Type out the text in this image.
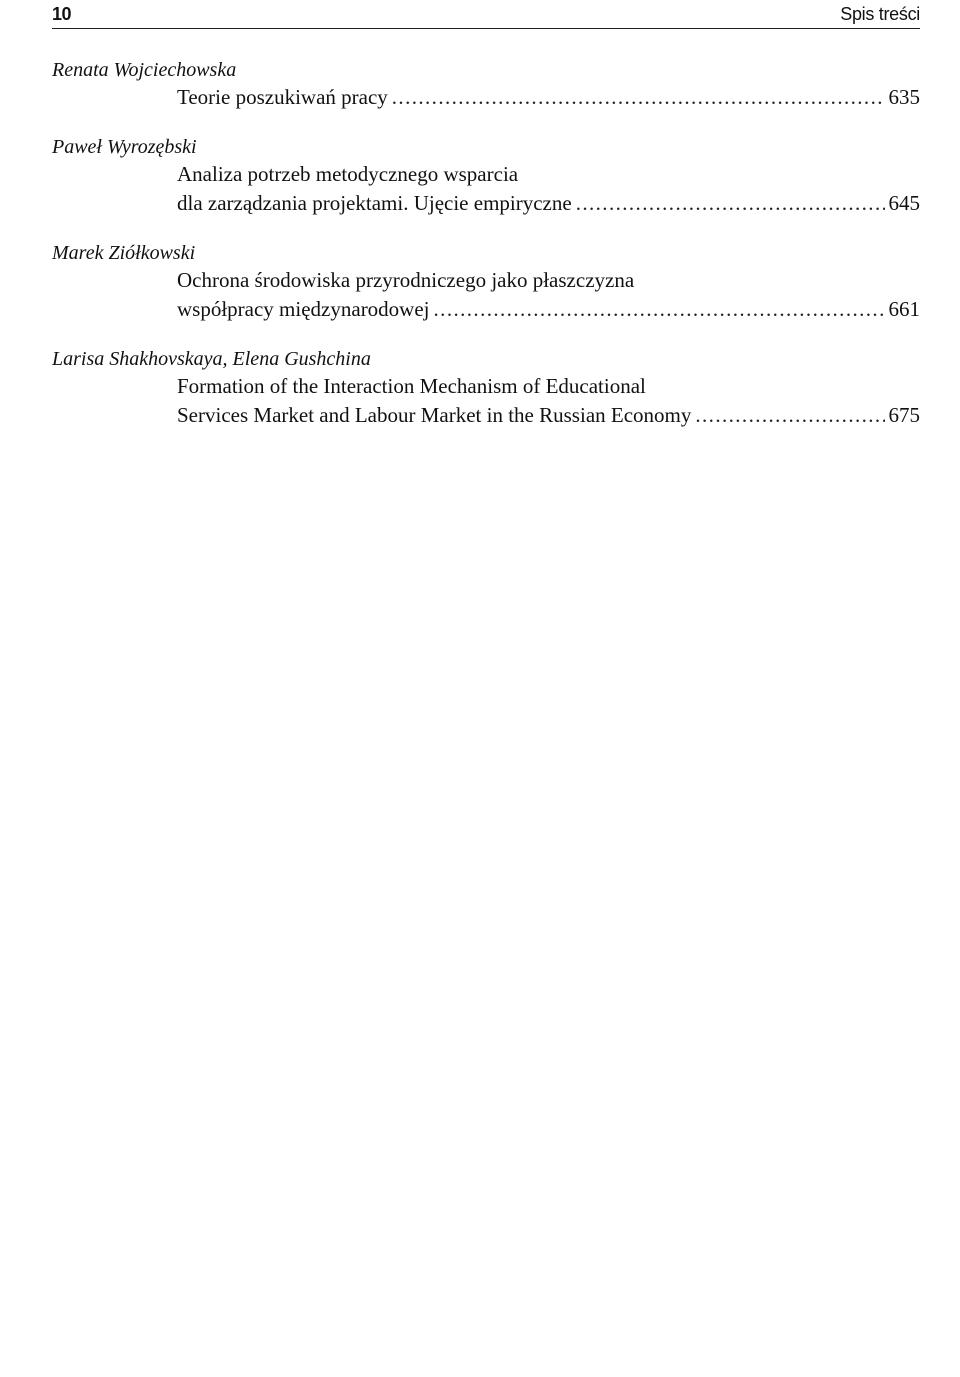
10	Spis treści
Renata Wojciechowska
Teorie poszukiwań pracy .....	635
Paweł Wyrozębski
Analiza potrzeb metodycznego wsparcia
dla zarządzania projektami. Ujęcie empiryczne .....	645
Marek Ziółkowski
Ochrona środowiska przyrodniczego jako płaszczyzna
współpracy międzynarodowej .....	661
Larisa Shakhovskaya, Elena Gushchina
Formation of the Interaction Mechanism of Educational
Services Market and Labour Market in the Russian Economy .....	675
